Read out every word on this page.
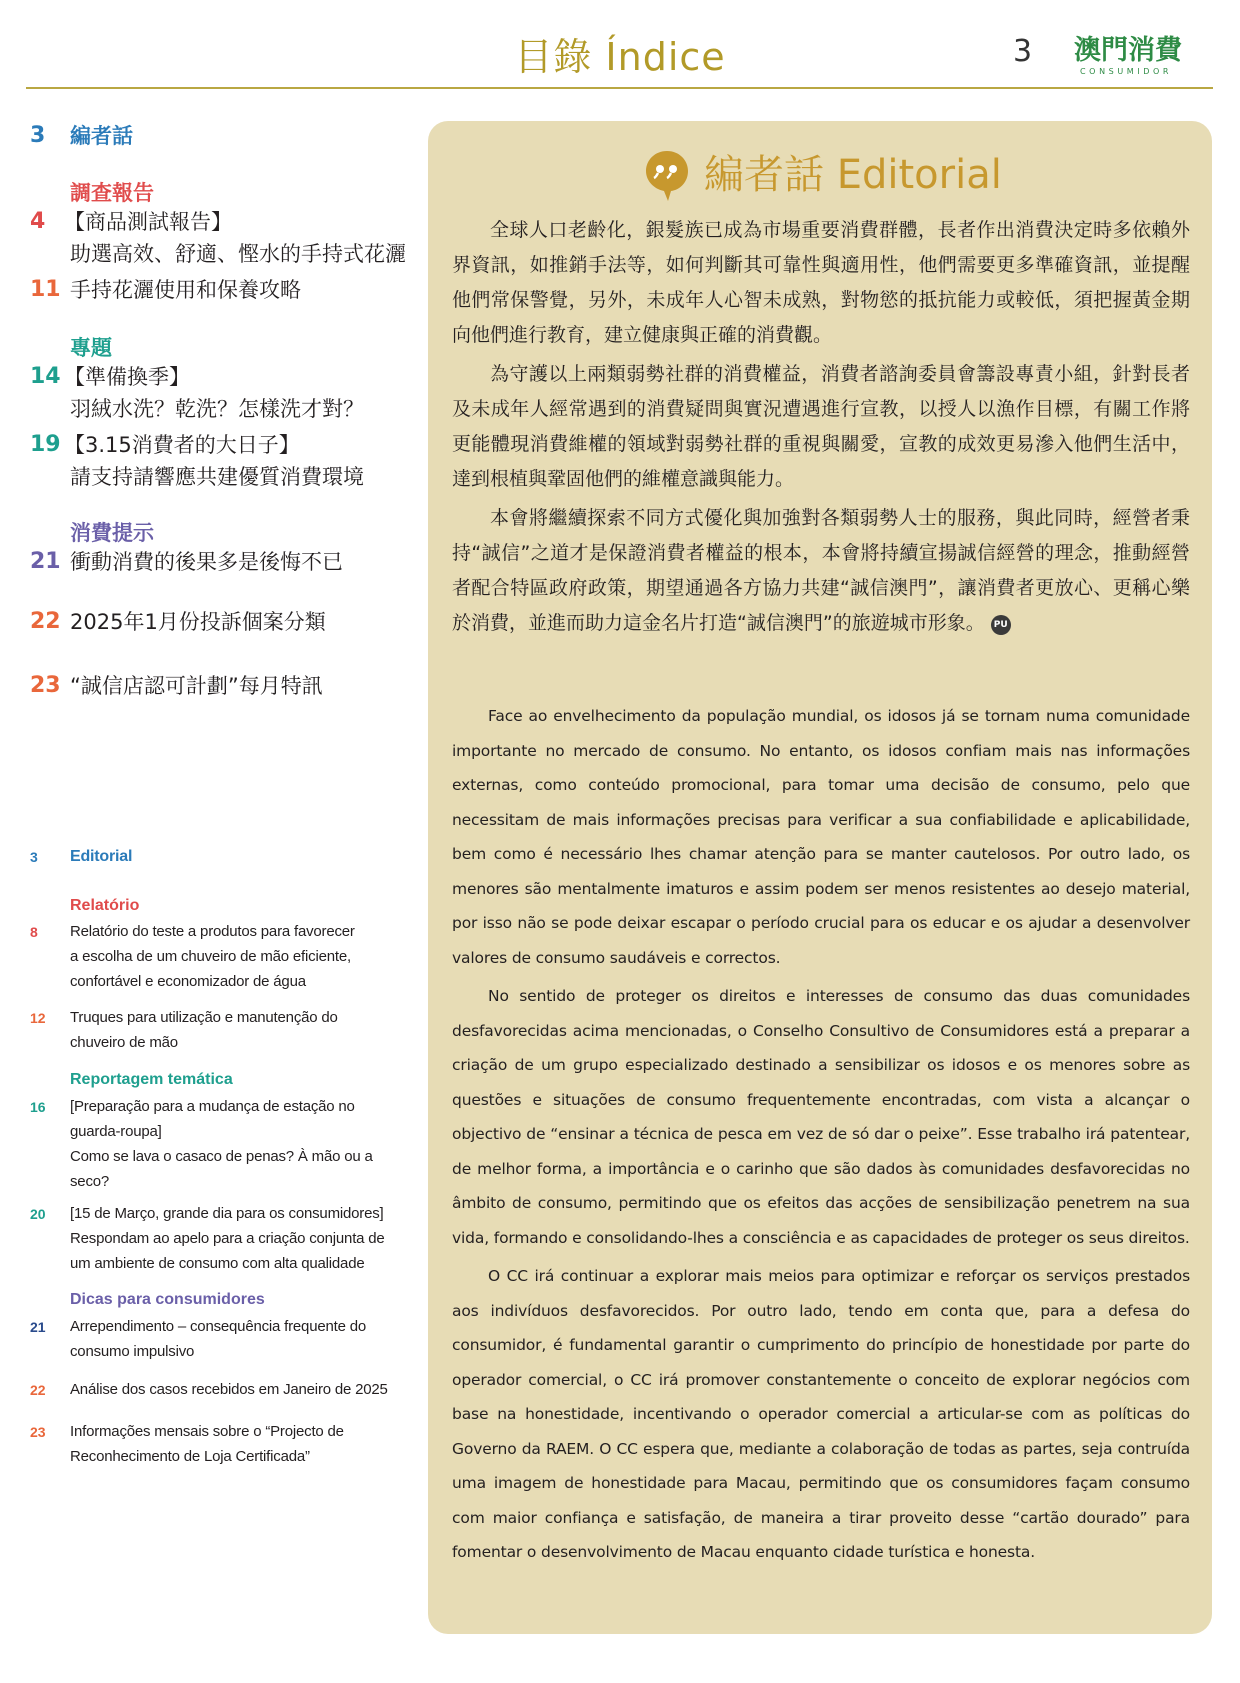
目錄 Índice	3 澳門消費
CONSUMIDOR
3 編者話
調查報告
4 【商品測試報告】
助選高效、舒適、慳水的手持式花灑
11 手持花灑使用和保養攻略
專題
14 【準備換季】
羽絨水洗？乾洗？怎樣洗才對？
19 【3.15消費者的大日子】
請支持請響應共建優質消費環境
消費提示
21 衝動消費的後果多是後悔不已
22 2025年1月份投訴個案分類
23 “誠信店認可計劃”每月特訊
3 Editorial
Relatório
8 Relatório do teste a produtos para favorecer
a escolha de um chuveiro de mão eficiente,
confortável e economizador de água
12 Truques para utilização e manutenção do
chuveiro de mão
Reportagem temática
16 [Preparação para a mudança de estação no
guarda-roupa]
Como se lava o casaco de penas? À mão ou a
seco?
20 [15 de Março, grande dia para os consumidores]
Respondam ao apelo para a criação conjunta de
um ambiente de consumo com alta qualidade
Dicas para consumidores
21 Arrependimento – consequência frequente do
consumo impulsivo
22 Análise dos casos recebidos em Janeiro de 2025
23 Informações mensais sobre o “Projecto de
Reconhecimento de Loja Certificada”
編者話 Editorial

全球人口老齡化，銀髮族已成為市場重要消費群體，長者作出消費決定時多依賴外界資訊，如推銷手法等，如何判斷其可靠性與適用性，他們需要更多準確資訊，並提醒他們常保警覺，另外，未成年人心智未成熟，對物慾的抵抗能力或較低，須把握黃金期向他們進行教育，建立健康與正確的消費觀。

為守護以上兩類弱勢社群的消費權益，消費者諮詢委員會籌設專責小組，針對長者及未成年人經常遇到的消費疑問與實況遭遇進行宣教，以授人以漁作目標，有關工作將更能體現消費維權的領域對弱勢社群的重視與關愛，宣教的成效更易滲入他們生活中，達到根植與鞏固他們的維權意識與能力。

本會將繼續探索不同方式優化與加強對各類弱勢人士的服務，與此同時，經營者秉持“誠信”之道才是保證消費者權益的根本，本會將持續宣揚誠信經營的理念，推動經營者配合特區政府政策，期望通過各方協力共建“誠信澳門”，讓消費者更放心、更稱心樂於消費，並進而助力這金名片打造“誠信澳門”的旅遊城市形象。 PU

Face ao envelhecimento da população mundial, os idosos já se tornam numa comunidade importante no mercado de consumo. No entanto, os idosos confiam mais nas informações externas, como conteúdo promocional, para tomar uma decisão de consumo, pelo que necessitam de mais informações precisas para verificar a sua confiabilidade e aplicabilidade, bem como é necessário lhes chamar atenção para se manter cautelosos. Por outro lado, os menores são mentalmente imaturos e assim podem ser menos resistentes ao desejo material, por isso não se pode deixar escapar o período crucial para os educar e os ajudar a desenvolver valores de consumo saudáveis e correctos.

No sentido de proteger os direitos e interesses de consumo das duas comunidades desfavorecidas acima mencionadas, o Conselho Consultivo de Consumidores está a preparar a criação de um grupo especializado destinado a sensibilizar os idosos e os menores sobre as questões e situações de consumo frequentemente encontradas, com vista a alcançar o objectivo de “ensinar a técnica de pesca em vez de só dar o peixe”. Esse trabalho irá patentear, de melhor forma, a importância e o carinho que são dados às comunidades desfavorecidas no âmbito de consumo, permitindo que os efeitos das acções de sensibilização penetrem na sua vida, formando e consolidando-lhes a consciência e as capacidades de proteger os seus direitos.

O CC irá continuar a explorar mais meios para optimizar e reforçar os serviços prestados aos indivíduos desfavorecidos. Por outro lado, tendo em conta que, para a defesa do consumidor, é fundamental garantir o cumprimento do princípio de honestidade por parte do operador comercial, o CC irá promover constantemente o conceito de explorar negócios com base na honestidade, incentivando o operador comercial a articular-se com as políticas do Governo da RAEM. O CC espera que, mediante a colaboração de todas as partes, seja contruída uma imagem de honestidade para Macau, permitindo que os consumidores façam consumo com maior confiança e satisfação, de maneira a tirar proveito desse “cartão dourado” para fomentar o desenvolvimento de Macau enquanto cidade turística e honesta.
